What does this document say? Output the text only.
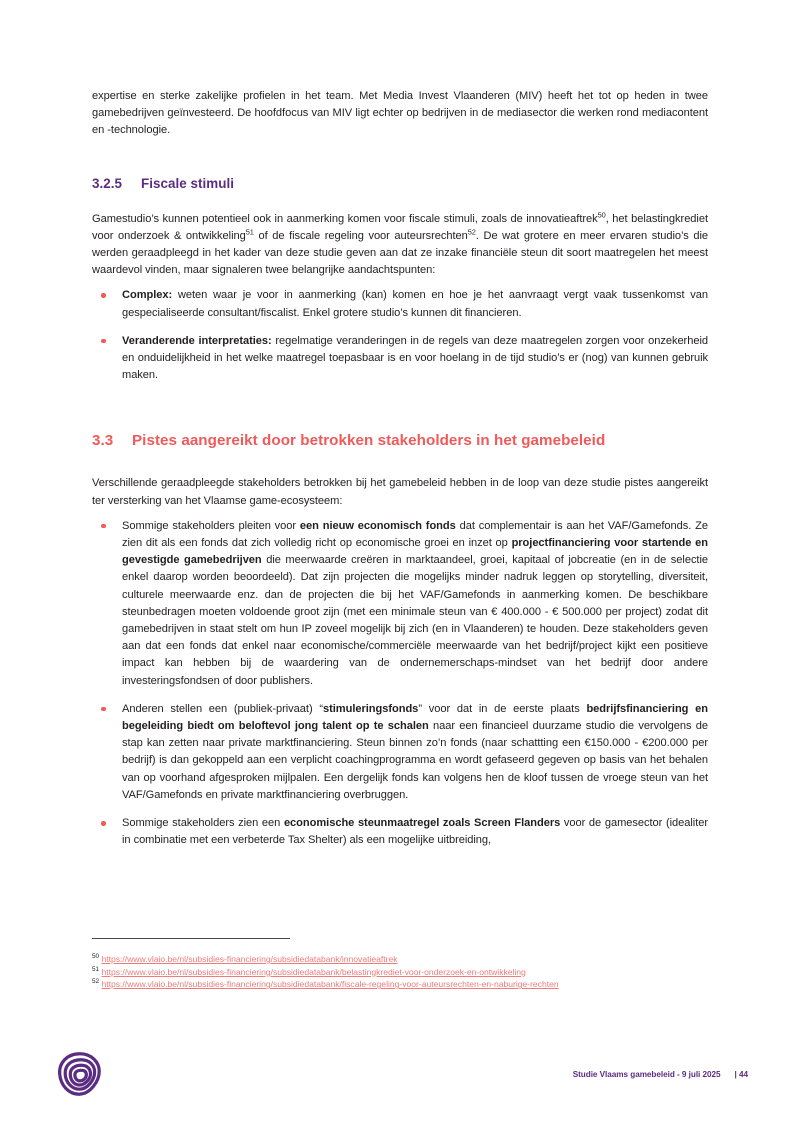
expertise en sterke zakelijke profielen in het team. Met Media Invest Vlaanderen (MIV) heeft het tot op heden in twee gamebedrijven geïnvesteerd. De hoofdfocus van MIV ligt echter op bedrijven in de mediasector die werken rond mediacontent en -technologie.

3.2.5 Fiscale stimuli

Gamestudio’s kunnen potentieel ook in aanmerking komen voor fiscale stimuli, zoals de innovatieaftrek$^{50}$, het belastingkrediet voor onderzoek & ontwikkeling$^{51}$ of de fiscale regeling voor auteursrechten$^{52}$. De wat grotere en meer ervaren studio’s die werden geraadpleegd in het kader van deze studie geven aan dat ze inzake financiële steun dit soort maatregelen het meest waardevol vinden, maar signaleren twee belangrijke aandachtspunten:

Complex: weten waar je voor in aanmerking (kan) komen en hoe je het aanvraagt vergt vaak tussenkomst van gespecialiseerde consultant/fiscalist. Enkel grotere studio’s kunnen dit financieren.
Veranderende interpretaties: regelmatige veranderingen in de regels van deze maatregelen zorgen voor onzekerheid en onduidelijkheid in het welke maatregel toepasbaar is en voor hoelang in de tijd studio’s er (nog) van kunnen gebruik maken.
3.3 Pistes aangereikt door betrokken stakeholders in het gamebeleid

Verschillende geraadpleegde stakeholders betrokken bij het gamebeleid hebben in de loop van deze studie pistes aangereikt ter versterking van het Vlaamse game-ecosysteem:

Sommige stakeholders pleiten voor een nieuw economisch fonds dat complementair is aan het VAF/Gamefonds. Ze zien dit als een fonds dat zich volledig richt op economische groei en inzet op projectfinanciering voor startende en gevestigde gamebedrijven die meerwaarde creëren in marktaandeel, groei, kapitaal of jobcreatie (en in de selectie enkel daarop worden beoordeeld). Dat zijn projecten die mogelijks minder nadruk leggen op storytelling, diversiteit, culturele meerwaarde enz. dan de projecten die bij het VAF/Gamefonds in aanmerking komen. De beschikbare steunbedragen moeten voldoende groot zijn (met een minimale steun van € 400.000 - € 500.000 per project) zodat dit gamebedrijven in staat stelt om hun IP zoveel mogelijk bij zich (en in Vlaanderen) te houden. Deze stakeholders geven aan dat een fonds dat enkel naar economische/commerciële meerwaarde van het bedrijf/project kijkt een positieve impact kan hebben bij de waardering van de ondernemerschaps-mindset van het bedrijf door andere investeringsfondsen of door publishers.
Anderen stellen een (publiek-privaat) “stimuleringsfonds” voor dat in de eerste plaats bedrijfsfinanciering en begeleiding biedt om beloftevol jong talent op te schalen naar een financieel duurzame studio die vervolgens de stap kan zetten naar private marktfinanciering. Steun binnen zo’n fonds (naar schattting een €150.000 - €200.000 per bedrijf) is dan gekoppeld aan een verplicht coachingprogramma en wordt gefaseerd gegeven op basis van het behalen van op voorhand afgesproken mijlpalen. Een dergelijk fonds kan volgens hen de kloof tussen de vroege steun van het VAF/Gamefonds en private marktfinanciering overbruggen.
Sommige stakeholders zien een economische steunmaatregel zoals Screen Flanders voor de gamesector (idealiter in combinatie met een verbeterde Tax Shelter) als een mogelijke uitbreiding,
$^{50}$ https://www.vlaio.be/nl/subsidies-financiering/subsidiedatabank/innovatieaftrek
$^{51}$ https://www.vlaio.be/nl/subsidies-financiering/subsidiedatabank/belastingkrediet-voor-onderzoek-en-ontwikkeling
$^{52}$ https://www.vlaio.be/nl/subsidies-financiering/subsidiedatabank/fiscale-regeling-voor-auteursrechten-en-naburige-rechten
Studie Vlaams gamebeleid - 9 juli 2025 | 44
